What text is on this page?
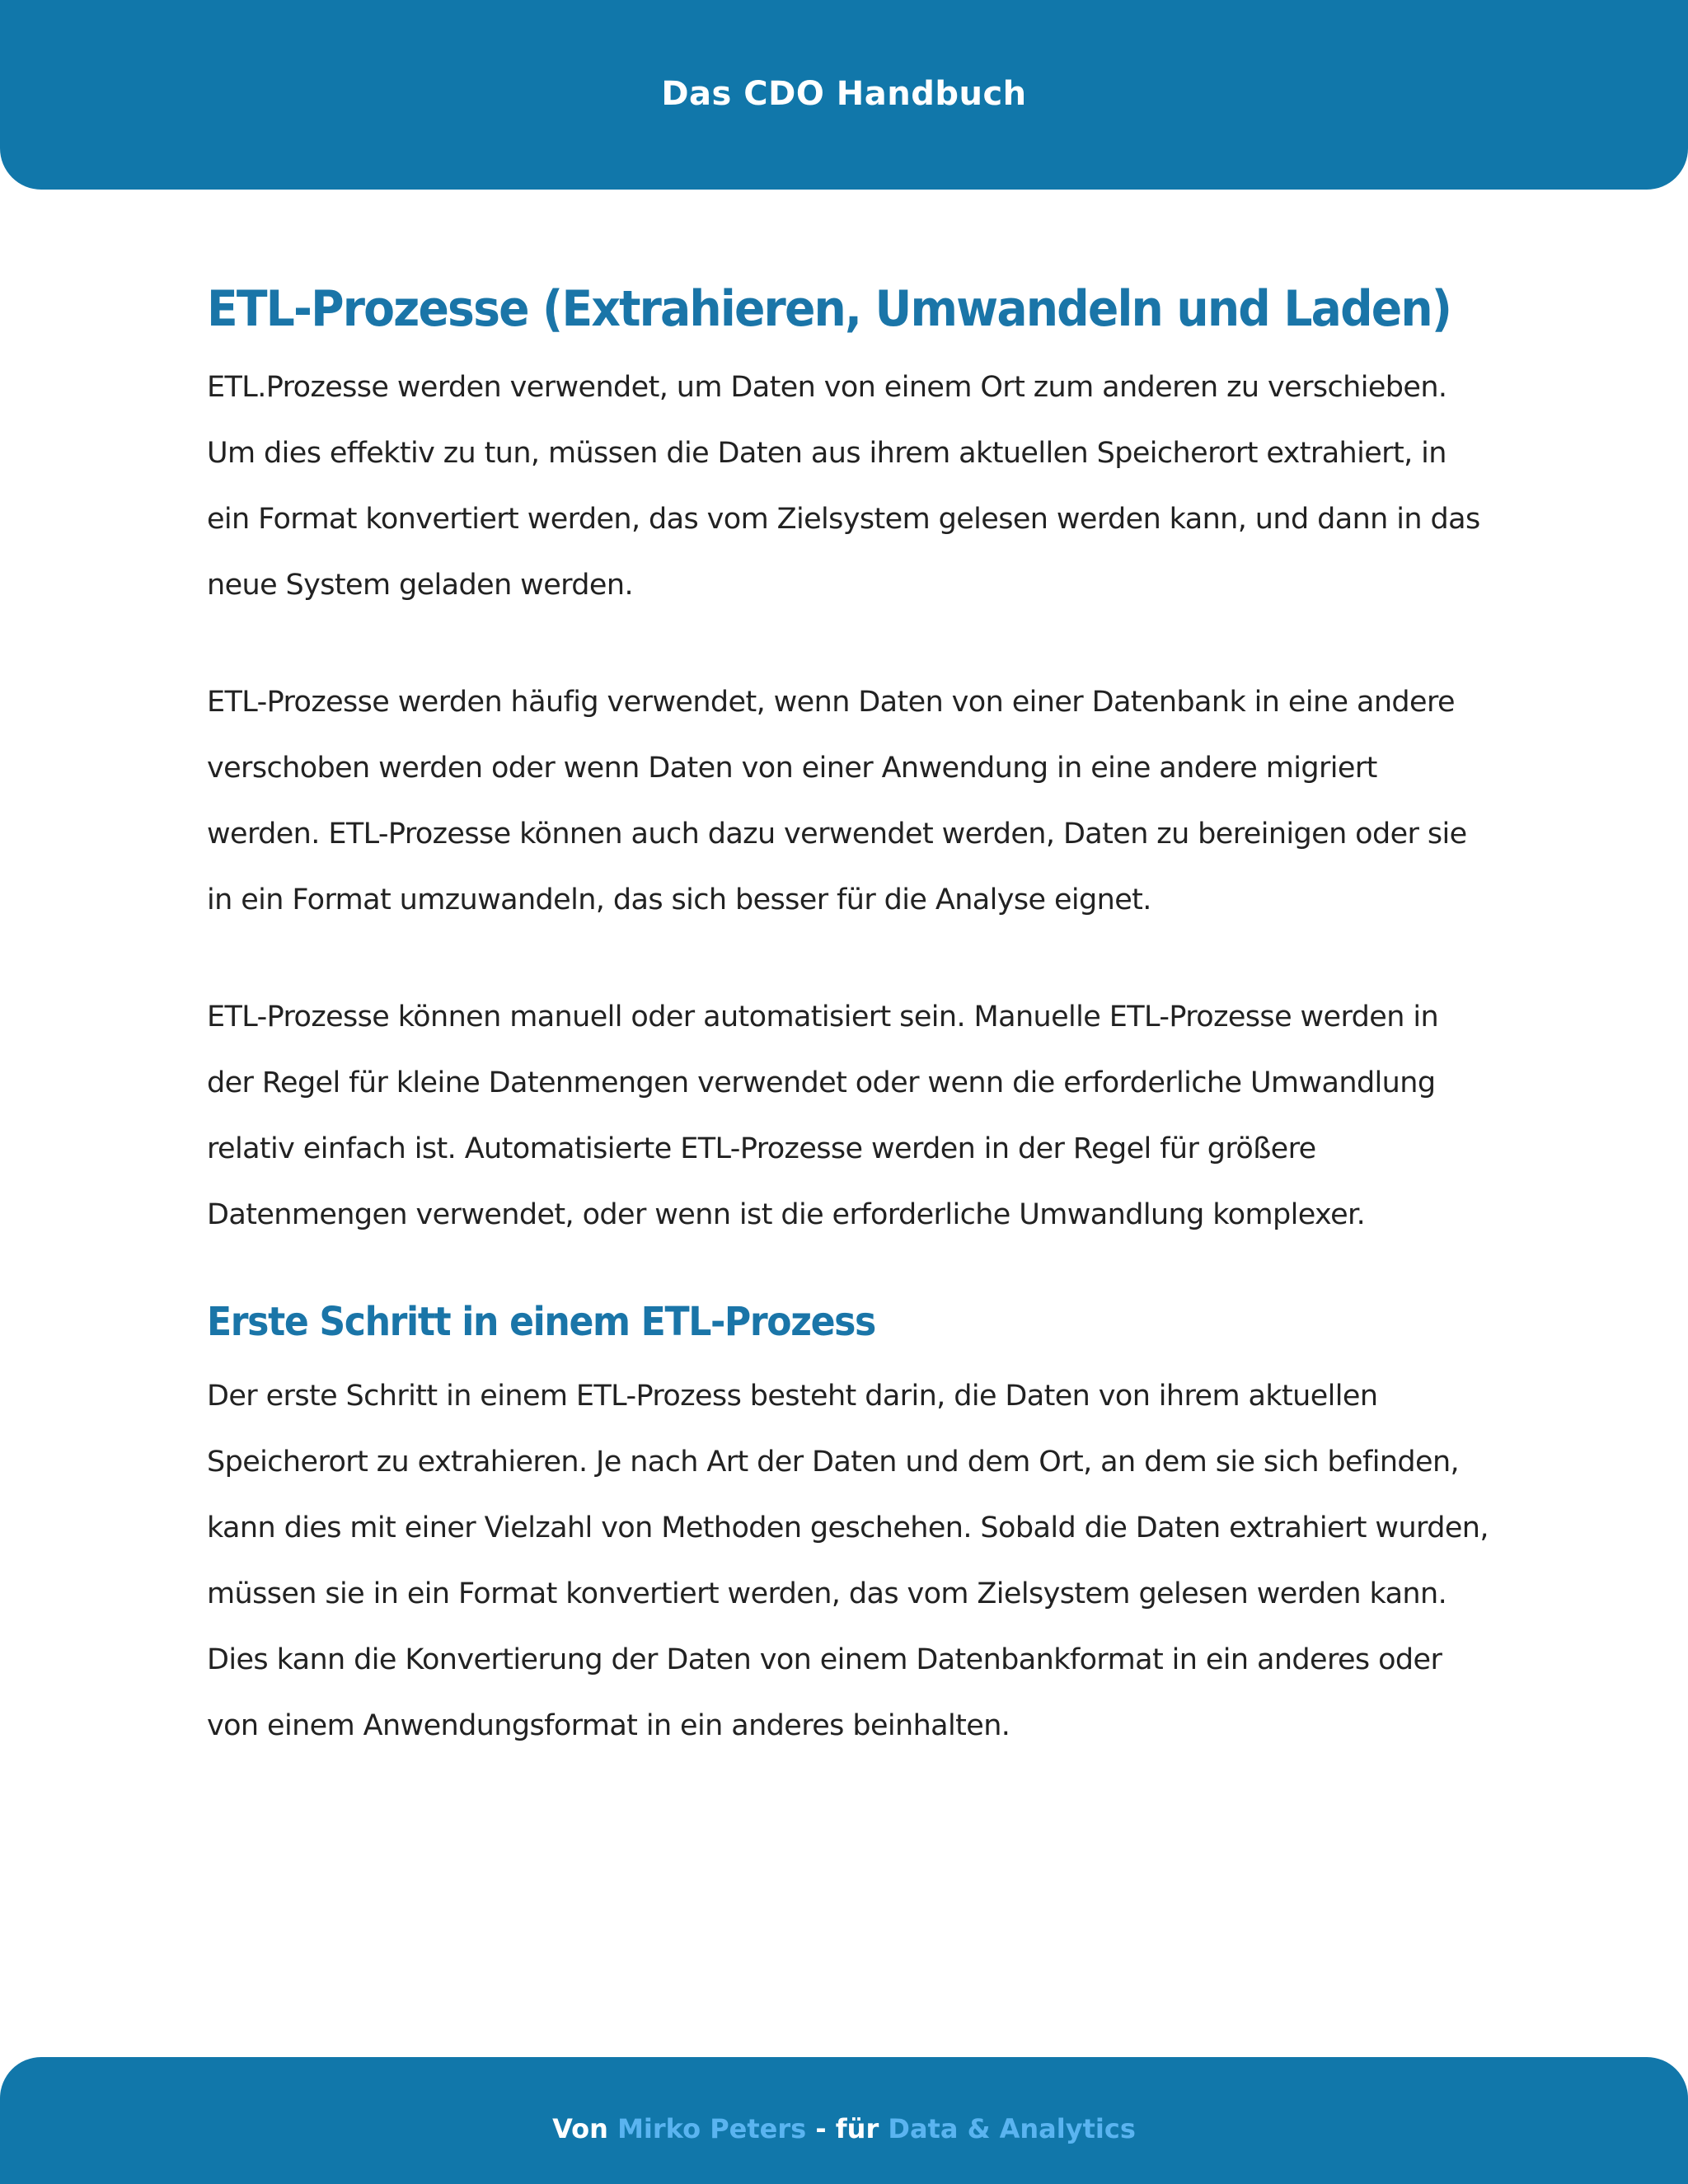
Das CDO Handbuch
ETL-Prozesse (Extrahieren, Umwandeln und Laden)

ETL.Prozesse werden verwendet, um Daten von einem Ort zum anderen zu verschieben. Um dies effektiv zu tun, müssen die Daten aus ihrem aktuellen Speicherort extrahiert, in ein Format konvertiert werden, das vom Zielsystem gelesen werden kann, und dann in das neue System geladen werden.

ETL-Prozesse werden häufig verwendet, wenn Daten von einer Datenbank in eine andere verschoben werden oder wenn Daten von einer Anwendung in eine andere migriert werden. ETL-Prozesse können auch dazu verwendet werden, Daten zu bereinigen oder sie in ein Format umzuwandeln, das sich besser für die Analyse eignet.

ETL-Prozesse können manuell oder automatisiert sein. Manuelle ETL-Prozesse werden in der Regel für kleine Datenmengen verwendet oder wenn die erforderliche Umwandlung relativ einfach ist. Automatisierte ETL-Prozesse werden in der Regel für größere Datenmengen verwendet, oder wenn ist die erforderliche Umwandlung komplexer.

Erste Schritt in einem ETL-Prozess

Der erste Schritt in einem ETL-Prozess besteht darin, die Daten von ihrem aktuellen Speicherort zu extrahieren. Je nach Art der Daten und dem Ort, an dem sie sich befinden, kann dies mit einer Vielzahl von Methoden geschehen. Sobald die Daten extrahiert wurden, müssen sie in ein Format konvertiert werden, das vom Zielsystem gelesen werden kann. Dies kann die Konvertierung der Daten von einem Datenbankformat in ein anderes oder von einem Anwendungsformat in ein anderes beinhalten.

Von Mirko Peters - für Data & Analytics
